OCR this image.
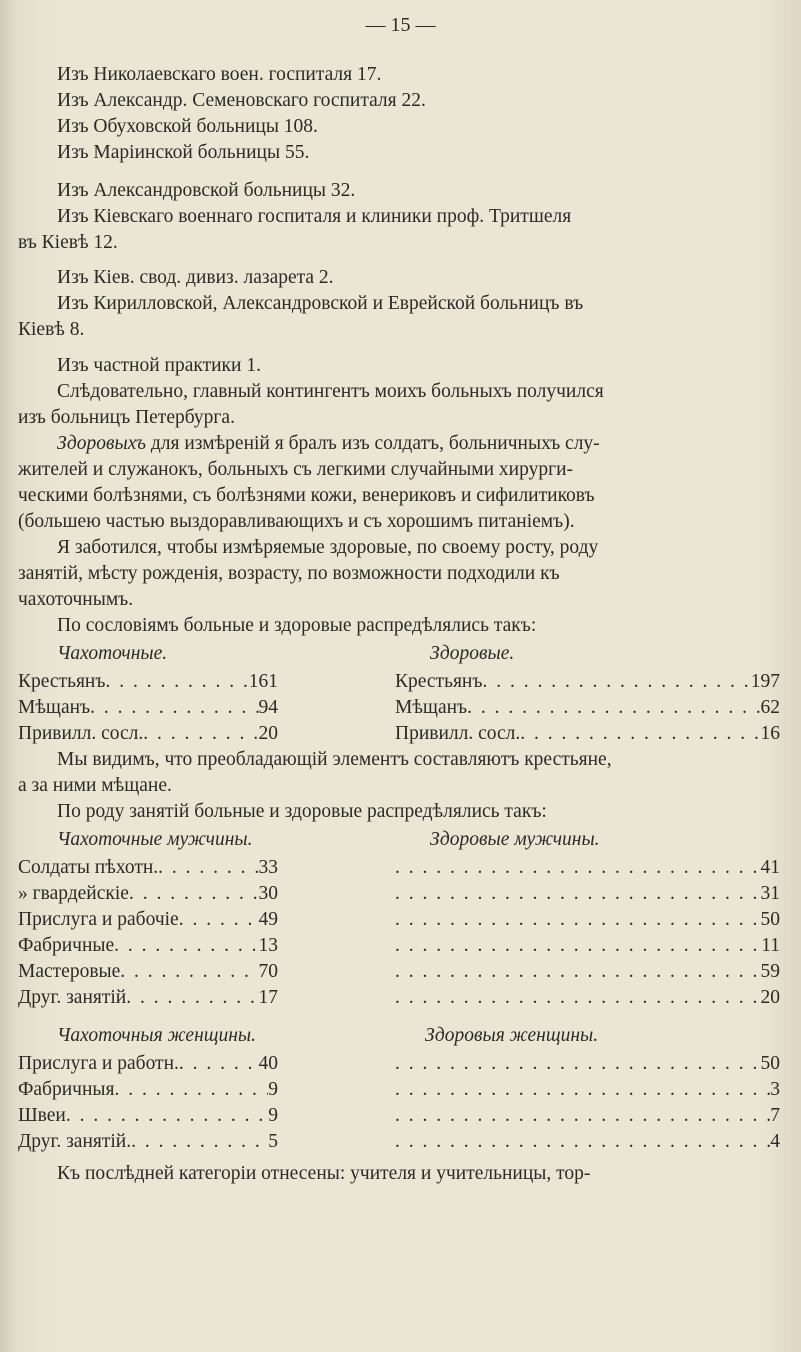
— 15 —
Изъ Николаевскаго воен. госпиталя 17.
Изъ Александр. Семеновскаго госпиталя 22.
Изъ Обуховской больницы 108.
Изъ Маріинской больницы 55.
Изъ Александровской больницы 32.
Изъ Кіевскаго военнаго госпиталя и клиники проф. Тритшеля
въ Кіевѣ 12.
Изъ Кіев. свод. дивиз. лазарета 2.
Изъ Кирилловской, Александровской и Еврейской больницъ въ
Кіевѣ 8.
Изъ частной практики 1.
Слѣдовательно, главный контингентъ моихъ больныхъ получился
изъ больницъ Петербурга.
Здоровыхъ для измѣреній я бралъ изъ солдатъ, больничныхъ слу-
жителей и служанокъ, больныхъ съ легкими случайными хирурги-
ческими болѣзнями, съ болѣзнями кожи, венериковъ и сифилитиковъ
(большею частью выздоравливающихъ и съ хорошимъ питаніемъ).
Я заботился, чтобы измѣряемые здоровые, по своему росту, роду
занятій, мѣсту рожденія, возрасту, по возможности подходили къ
чахоточнымъ.
По сословіямъ больные и здоровые распредѣлялись такъ:
Чахоточные.	Здоровые.
Крестьянъ . . .	161	Крестьянъ . . .	197
Мѣщанъ . . .	94	Мѣщанъ . . .	62
Привилл. сосл. . . .	20	Привилл. сосл. . . .	16
Мы видимъ, что преобладающій элементъ составляютъ крестьяне,
а за ними мѣщане.
По роду занятій больные и здоровые распредѣлялись такъ:
Чахоточные мужчины.	Здоровые мужчины.
Солдаты пѣхотн. . . .	33 . . .	41
» гвардейскіе . . .	30 . . .	31
Прислуга и рабочіе . . .	49 . . .	50
Фабричные . . .	13 . . .	11
Мастеровые . . .	70 . . .	59
Друг. занятій . . .	17 . . .	20
Чахоточныя женщины.	Здоровыя женщины.
Прислуга и работн. . . .	40 . . .	50
Фабричныя . . .	9 . . .	3
Швеи . . .	9 . . .	7
Друг. занятій. . . .	5 . . .	4
Къ послѣдней категоріи отнесены: учителя и учительницы, тор-
